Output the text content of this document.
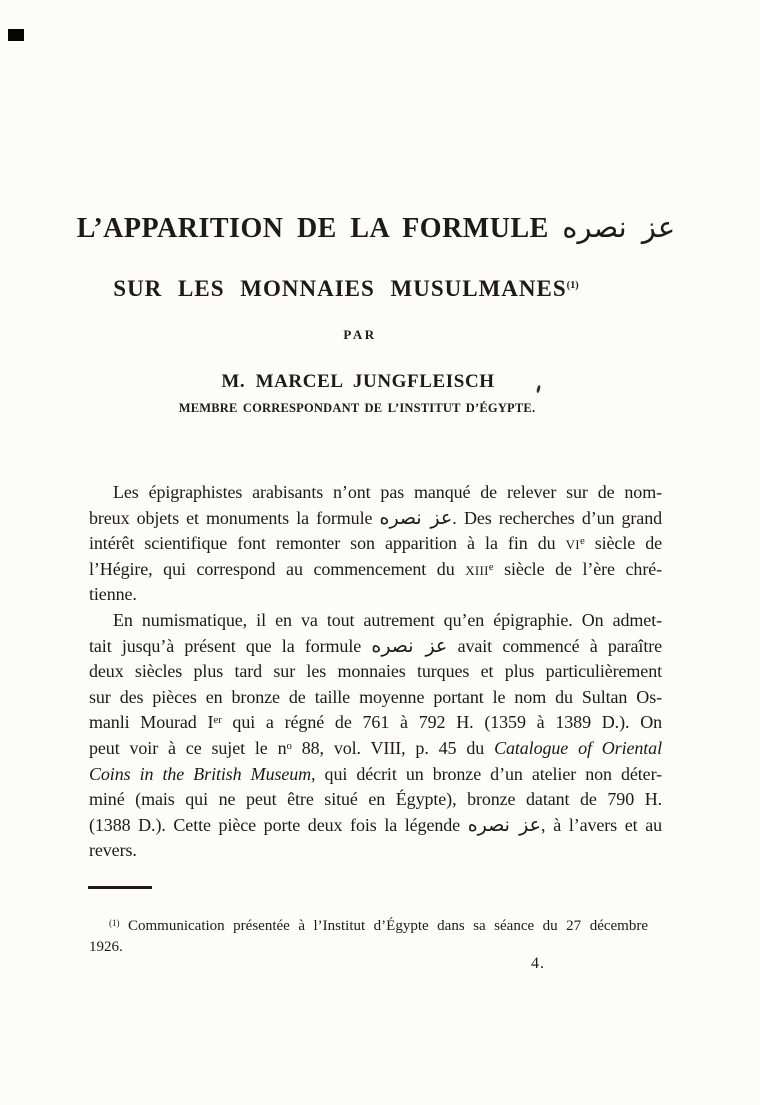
L’APPARITION DE LA FORMULE عز نصره
SUR LES MONNAIES MUSULMANES$^{(1)}$
PAR
M. MARCEL JUNGFLEISCH
MEMBRE CORRESPONDANT DE L’INSTITUT D’ÉGYPTE.
Les épigraphistes arabisants n’ont pas manqué de relever sur de nom-
breux objets et monuments la formule عز نصره. Des recherches d’un grand
intérêt scientifique font remonter son apparition à la fin du $vi^e$ siècle de
l’Hégire, qui correspond au commencement du xiii$^e$ siècle de l’ère chré-
tienne.
En numismatique, il en va tout autrement qu’en épigraphie. On admet-
tait jusqu’à présent que la formule عز نصره avait commencé à paraître
deux siècles plus tard sur les monnaies turques et plus particulièrement
sur des pièces en bronze de taille moyenne portant le nom du Sultan Os-
manli Mourad Ier qui a régné de 761 à 792 H. (1359 à 1389 D.). On
peut voir à ce sujet le $n^o$ 88, vol. VIII, p. 45 du Catalogue of Oriental
Coins in the British Museum, qui décrit un bronze d’un atelier non déter-
miné (mais qui ne peut être situé en Égypte), bronze datant de 790 H.
(1388 D.). Cette pièce porte deux fois la légende عز نصره, à l’avers et au
revers.
$^{(1)}$ Communication présentée à l’Institut d’Égypte dans sa séance du 27 décembre
1926.
4.
